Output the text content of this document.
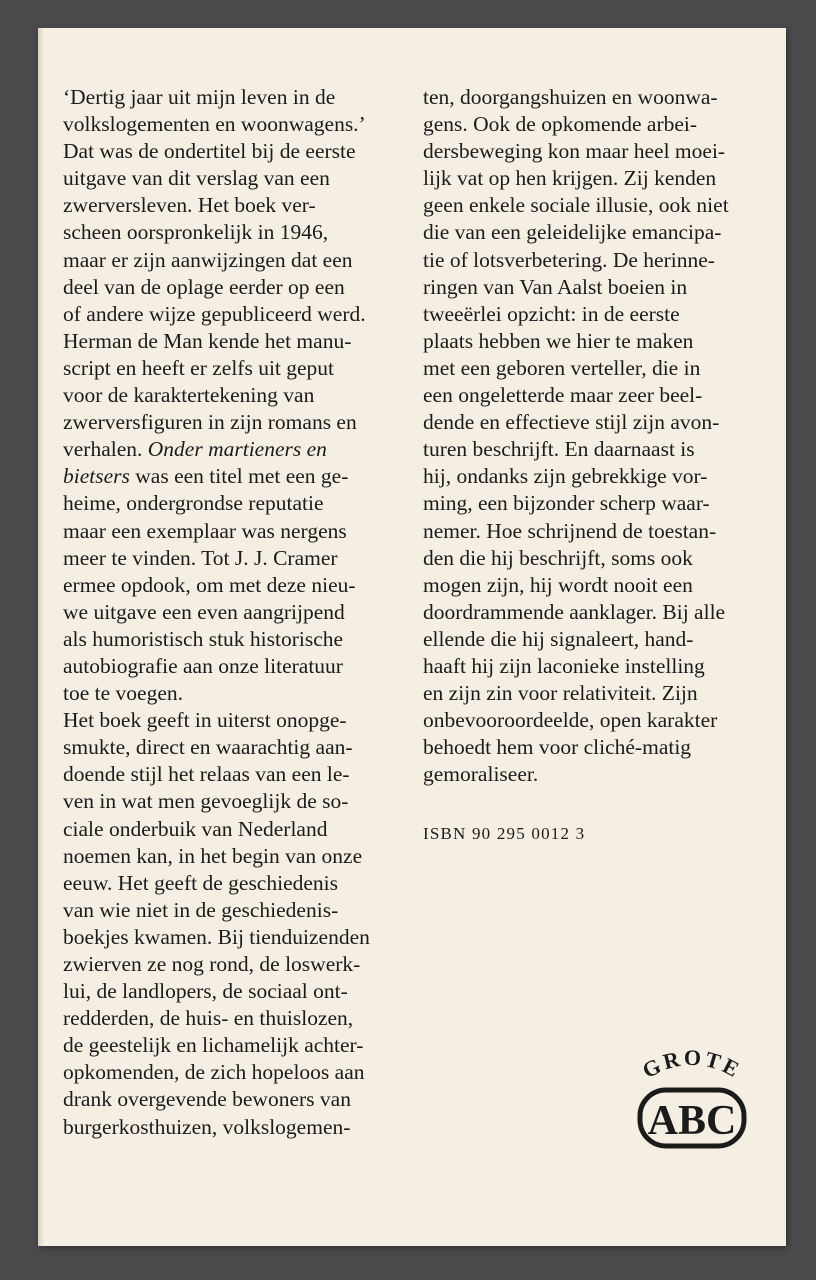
‘Dertig jaar uit mijn leven in de
volkslogementen en woonwagens.’
Dat was de ondertitel bij de eerste
uitgave van dit verslag van een
zwerversleven. Het boek ver-
scheen oorspronkelijk in 1946,
maar er zijn aanwijzingen dat een
deel van de oplage eerder op een
of andere wijze gepubliceerd werd.
Herman de Man kende het manu-
script en heeft er zelfs uit geput
voor de karaktertekening van
zwerversfiguren in zijn romans en
verhalen. Onder martieners en
bietsers was een titel met een ge-
heime, ondergrondse reputatie
maar een exemplaar was nergens
meer te vinden. Tot J. J. Cramer
ermee opdook, om met deze nieu-
we uitgave een even aangrijpend
als humoristisch stuk historische
autobiografie aan onze literatuur
toe te voegen.
Het boek geeft in uiterst onopge-
smukte, direct en waarachtig aan-
doende stijl het relaas van een le-
ven in wat men gevoeglijk de so-
ciale onderbuik van Nederland
noemen kan, in het begin van onze
eeuw. Het geeft de geschiedenis
van wie niet in de geschiedenis-
boekjes kwamen. Bij tienduizenden
zwierven ze nog rond, de loswerk-
lui, de landlopers, de sociaal ont-
redderden, de huis- en thuislozen,
de geestelijk en lichamelijk achter-
opkomenden, de zich hopeloos aan
drank overgevende bewoners van
burgerkosthuizen, volkslogemen-
ten, doorgangshuizen en woonwa-
gens. Ook de opkomende arbei-
dersbeweging kon maar heel moei-
lijk vat op hen krijgen. Zij kenden
geen enkele sociale illusie, ook niet
die van een geleidelijke emancipa-
tie of lotsverbetering. De herinne-
ringen van Van Aalst boeien in
tweeërlei opzicht: in de eerste
plaats hebben we hier te maken
met een geboren verteller, die in
een ongeletterde maar zeer beel-
dende en effectieve stijl zijn avon-
turen beschrijft. En daarnaast is
hij, ondanks zijn gebrekkige vor-
ming, een bijzonder scherp waar-
nemer. Hoe schrijnend de toestan-
den die hij beschrijft, soms ook
mogen zijn, hij wordt nooit een
doordrammende aanklager. Bij alle
ellende die hij signaleert, hand-
haaft hij zijn laconieke instelling
en zijn zin voor relativiteit. Zijn
onbevooroordeelde, open karakter
behoedt hem voor cliché-matig
gemoraliseer.
ISBN 90 295 0012 3
GROTE
ABC
